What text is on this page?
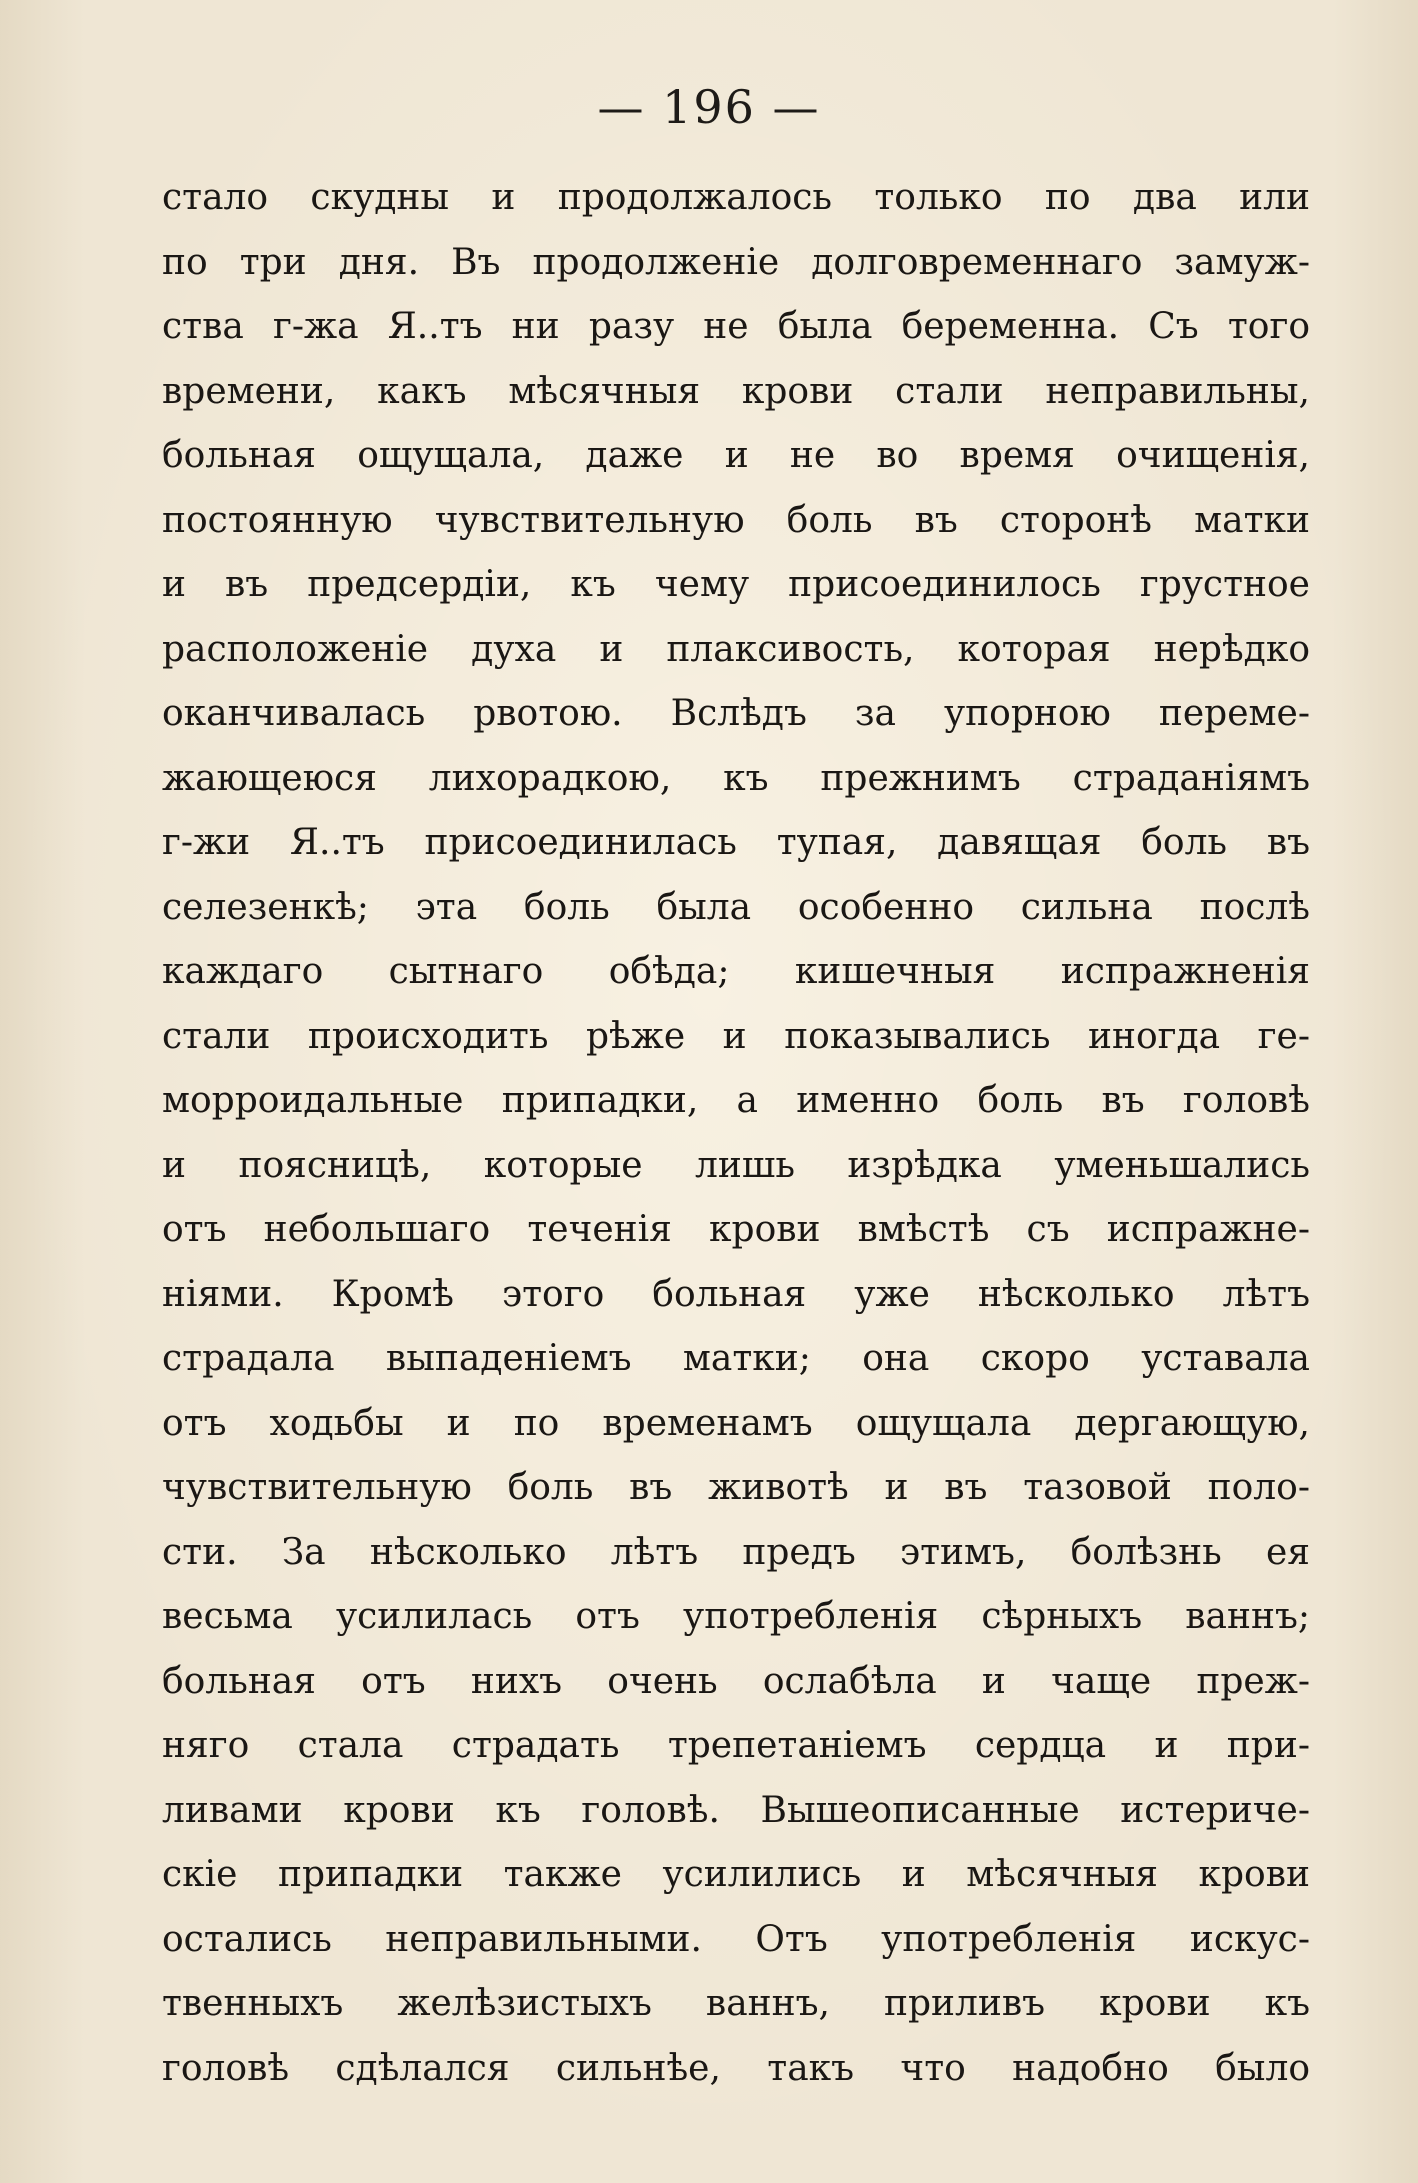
— 196 —
стало скудны и продолжалось только по два или
по три дня. Въ продолженіе долговременнаго замуж-
ства г-жа Я..тъ ни разу не была беременна. Съ того
времени, какъ мѣсячныя крови стали неправильны,
больная ощущала, даже и не во время очищенія,
постоянную чувствительную боль въ сторонѣ матки
и въ предсердіи, къ чему присоединилось грустное
расположеніе духа и плаксивость, которая нерѣдко
оканчивалась рвотою. Вслѣдъ за упорною переме-
жающеюся лихорадкою, къ прежнимъ страданіямъ
г-жи Я..тъ присоединилась тупая, давящая боль въ
селезенкѣ; эта боль была особенно сильна послѣ
каждаго сытнаго обѣда; кишечныя испражненія
стали происходить рѣже и показывались иногда ге-
морроидальные припадки, а именно боль въ головѣ
и поясницѣ, которые лишь изрѣдка уменьшались
отъ небольшаго теченія крови вмѣстѣ съ испражне-
ніями. Кромѣ этого больная уже нѣсколько лѣтъ
страдала выпаденіемъ матки; она скоро уставала
отъ ходьбы и по временамъ ощущала дергающую,
чувствительную боль въ животѣ и въ тазовой поло-
сти. За нѣсколько лѣтъ предъ этимъ, болѣзнь ея
весьма усилилась отъ употребленія сѣрныхъ ваннъ;
больная отъ нихъ очень ослабѣла и чаще преж-
няго стала страдать трепетаніемъ сердца и при-
ливами крови къ головѣ. Вышеописанные истериче-
скіе припадки также усилились и мѣсячныя крови
остались неправильными. Отъ употребленія искус-
твенныхъ желѣзистыхъ ваннъ, приливъ крови къ
головѣ сдѣлался сильнѣе, такъ что надобно было
